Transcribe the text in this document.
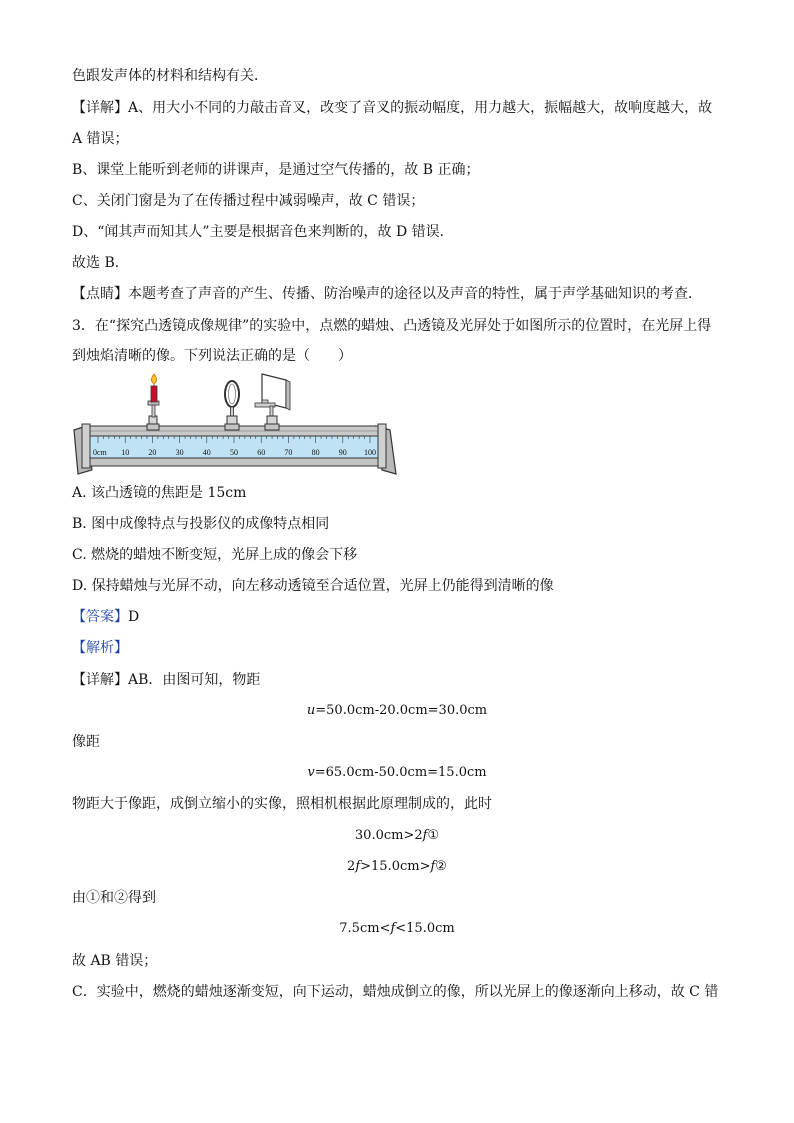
色跟发声体的材料和结构有关．
【详解】A、用大小不同的力敲击音叉，改变了音叉的振动幅度，用力越大，振幅越大，故响度越大，故
A 错误；
B、课堂上能听到老师的讲课声，是通过空气传播的，故 B 正确；
C、关闭门窗是为了在传播过程中减弱噪声，故 C 错误；
D、“闻其声而知其人”主要是根据音色来判断的，故 D 错误．
故选 B．
【点睛】本题考查了声音的产生、传播、防治噪声的途径以及声音的特性，属于声学基础知识的考查．
3．在“探究凸透镜成像规律”的实验中，点燃的蜡烛、凸透镜及光屏处于如图所示的位置时，在光屏上得
到烛焰清晰的像。下列说法正确的是（　　）
0cm 10 20 30 40 50 60 70 80 90 100
A. 该凸透镜的焦距是 15cm
B. 图中成像特点与投影仪的成像特点相同
C. 燃烧的蜡烛不断变短，光屏上成的像会下移
D. 保持蜡烛与光屏不动，向左移动透镜至合适位置，光屏上仍能得到清晰的像
【答案】D
【解析】
【详解】AB．由图可知，物距
u=50.0cm-20.0cm=30.0cm
像距
v=65.0cm-50.0cm=15.0cm
物距大于像距，成倒立缩小的实像，照相机根据此原理制成的，此时
30.0cm>2f①
2f>15.0cm>f②
由①和②得到
7.5cm<f<15.0cm
故 AB 错误；
C．实验中，燃烧的蜡烛逐渐变短，向下运动，蜡烛成倒立的像，所以光屏上的像逐渐向上移动，故 C 错
